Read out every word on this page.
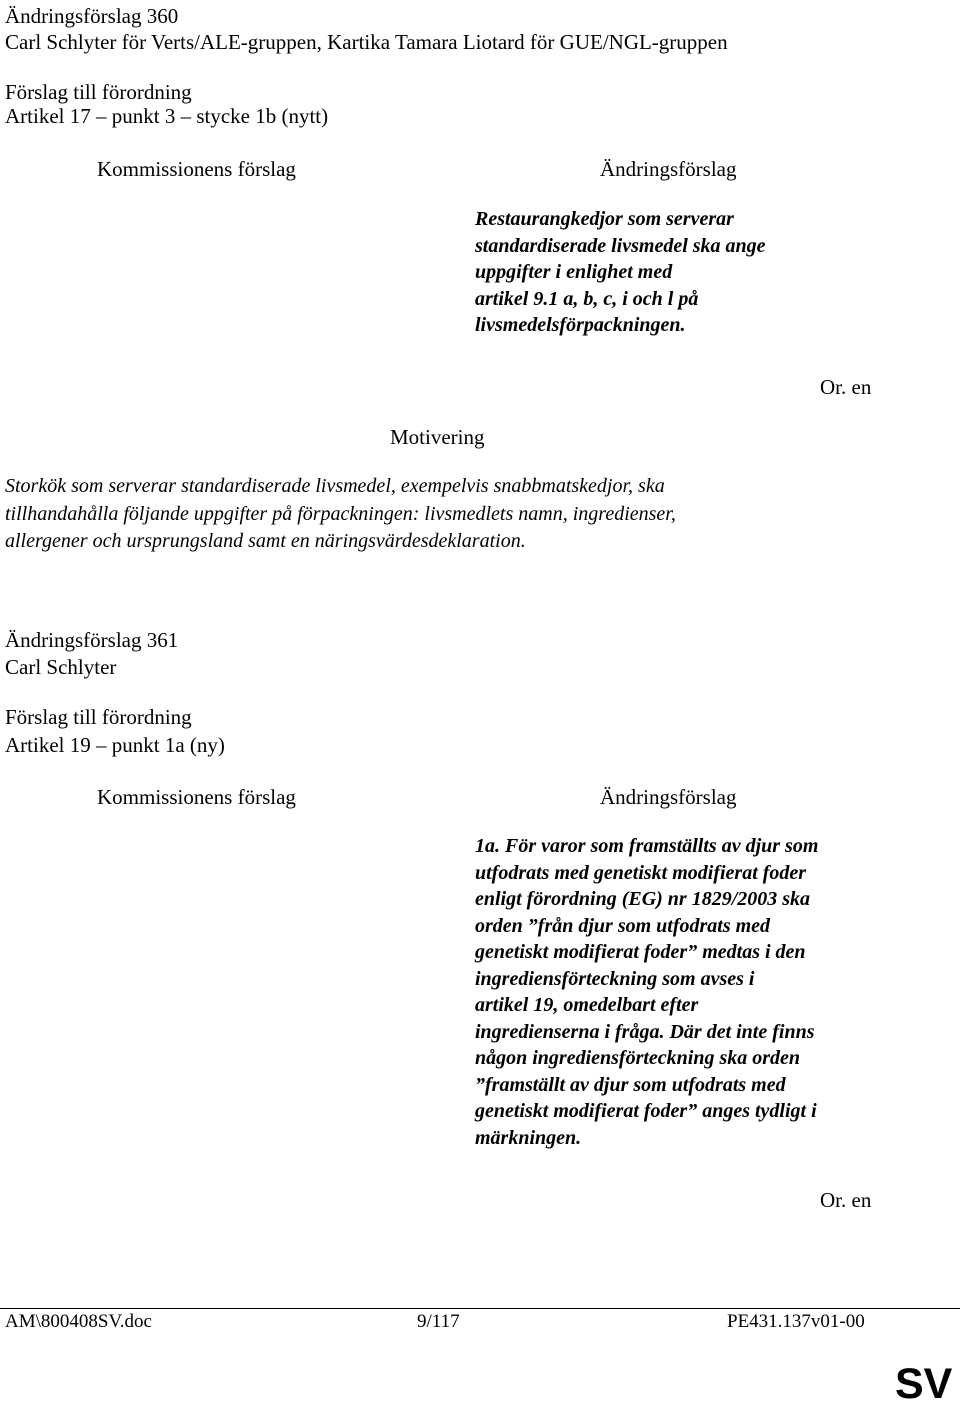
Ändringsförslag 360
Carl Schlyter för Verts/ALE-gruppen, Kartika Tamara Liotard för GUE/NGL-gruppen
Förslag till förordning
Artikel 17 – punkt 3 – stycke 1b (nytt)
Kommissionens förslag	Ändringsförslag
Restaurangkedjor som serverar
standardiserade livsmedel ska ange
uppgifter i enlighet med
artikel 9.1 a, b, c, i och l på
livsmedelsförpackningen.
Or. en
Motivering
Storkök som serverar standardiserade livsmedel, exempelvis snabbmatskedjor, ska
tillhandahålla följande uppgifter på förpackningen: livsmedlets namn, ingredienser,
allergener och ursprungsland samt en näringsvärdesdeklaration.
Ändringsförslag 361
Carl Schlyter
Förslag till förordning
Artikel 19 – punkt 1a (ny)
Kommissionens förslag	Ändringsförslag
1a. För varor som framställts av djur som
utfodrats med genetiskt modifierat foder
enligt förordning (EG) nr 1829/2003 ska
orden ”från djur som utfodrats med
genetiskt modifierat foder” medtas i den
ingrediensförteckning som avses i
artikel 19, omedelbart efter
ingredienserna i fråga. Där det inte finns
någon ingrediensförteckning ska orden
”framställt av djur som utfodrats med
genetiskt modifierat foder” anges tydligt i
märkningen.
Or. en
AM\800408SV.doc	9/117	PE431.137v01-00
SV
